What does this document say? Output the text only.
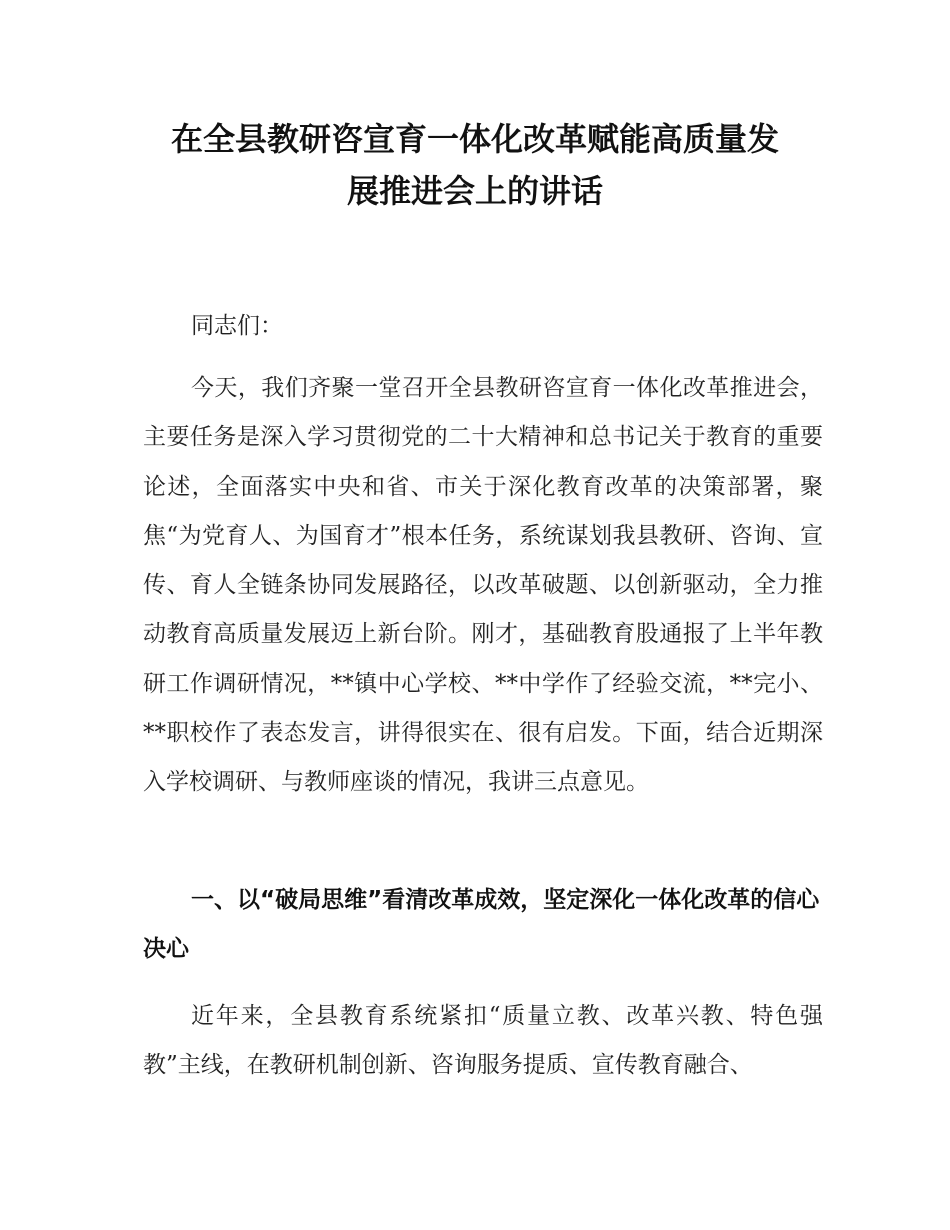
在全县教研咨宣育一体化改革赋能高质量发
展推进会上的讲话

同志们：

今天，我们齐聚一堂召开全县教研咨宣育一体化改革推进会，主要任务是深入学习贯彻党的二十大精神和总书记关于教育的重要论述，全面落实中央和省、市关于深化教育改革的决策部署，聚焦“为党育人、为国育才”根本任务，系统谋划我县教研、咨询、宣传、育人全链条协同发展路径，以改革破题、以创新驱动，全力推动教育高质量发展迈上新台阶。刚才，基础教育股通报了上半年教研工作调研情况，**镇中心学校、**中学作了经验交流，**完小、**职校作了表态发言，讲得很实在、很有启发。下面，结合近期深入学校调研、与教师座谈的情况，我讲三点意见。

一、以“破局思维”看清改革成效，坚定深化一体化改革的信心决心

近年来，全县教育系统紧扣“质量立教、改革兴教、特色强教”主线，在教研机制创新、咨询服务提质、宣传教育融合、
